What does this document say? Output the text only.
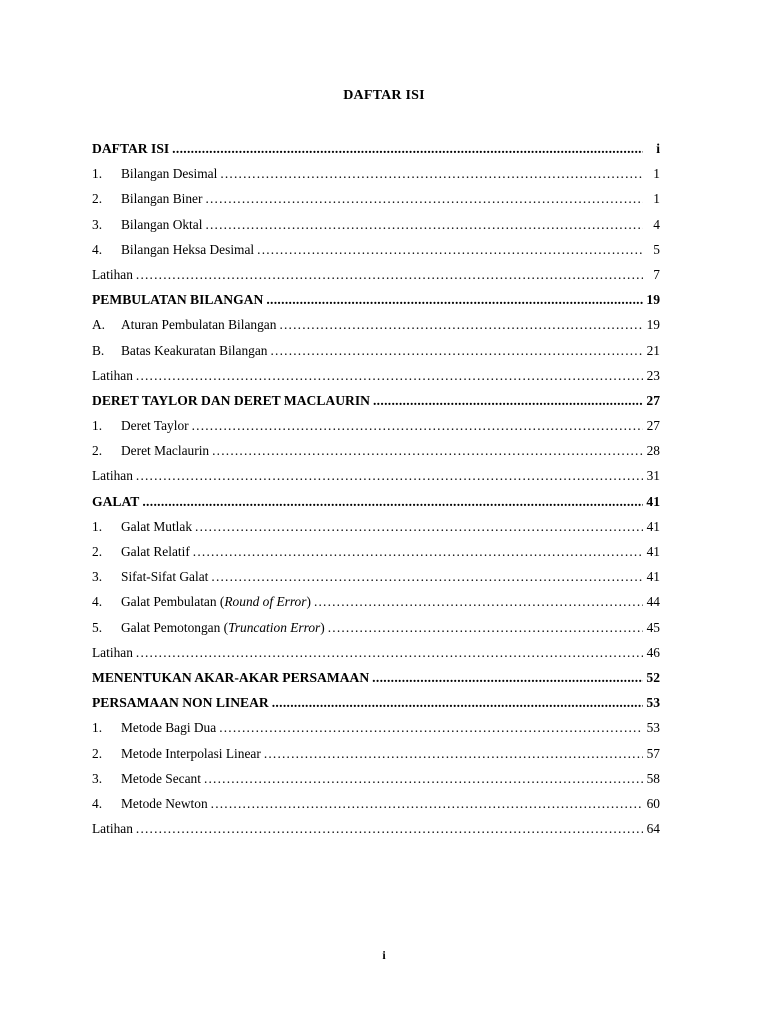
DAFTAR ISI
DAFTAR ISI .....	i
1.	Bilangan Desimal .....	1
2.	Bilangan Biner .....	1
3.	Bilangan Oktal .....	4
4.	Bilangan Heksa Desimal .....	5
Latihan .....	7
PEMBULATAN BILANGAN .....	19
A.	Aturan Pembulatan Bilangan .....	19
B.	Batas Keakuratan Bilangan .....	21
Latihan .....	23
DERET TAYLOR DAN DERET MACLAURIN .....	27
1.	Deret Taylor .....	27
2.	Deret Maclaurin .....	28
Latihan .....	31
GALAT .....	41
1.	Galat Mutlak .....	41
2.	Galat Relatif .....	41
3.	Sifat-Sifat Galat .....	41
4.	Galat Pembulatan (Round of Error) .....	44
5.	Galat Pemotongan (Truncation Error) .....	45
Latihan .....	46
MENENTUKAN AKAR-AKAR PERSAMAAN .....	52
PERSAMAAN NON LINEAR .....	53
1.	Metode Bagi Dua .....	53
2.	Metode Interpolasi Linear .....	57
3.	Metode Secant .....	58
4.	Metode Newton .....	60
Latihan .....	64
i
